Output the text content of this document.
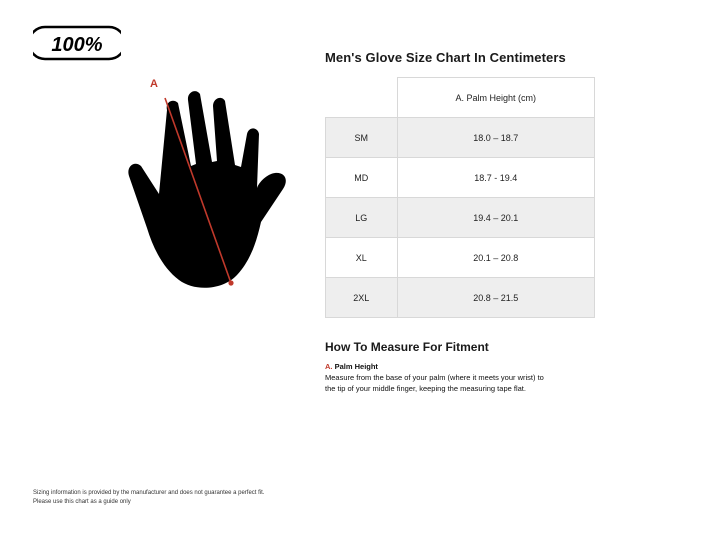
100%
A
Men's Glove Size Chart In Centimeters
	A. Palm Height (cm)
SM	18.0 – 18.7
MD	18.7 - 19.4
LG	19.4 – 20.1
XL	20.1 – 20.8
2XL	20.8 – 21.5
How To Measure For Fitment

A. Palm Height

Measure from the base of your palm (where it meets your wrist) to the tip of your middle finger, keeping the measuring tape flat.

Sizing information is provided by the manufacturer and does not guarantee a perfect fit.
Please use this chart as a guide only
